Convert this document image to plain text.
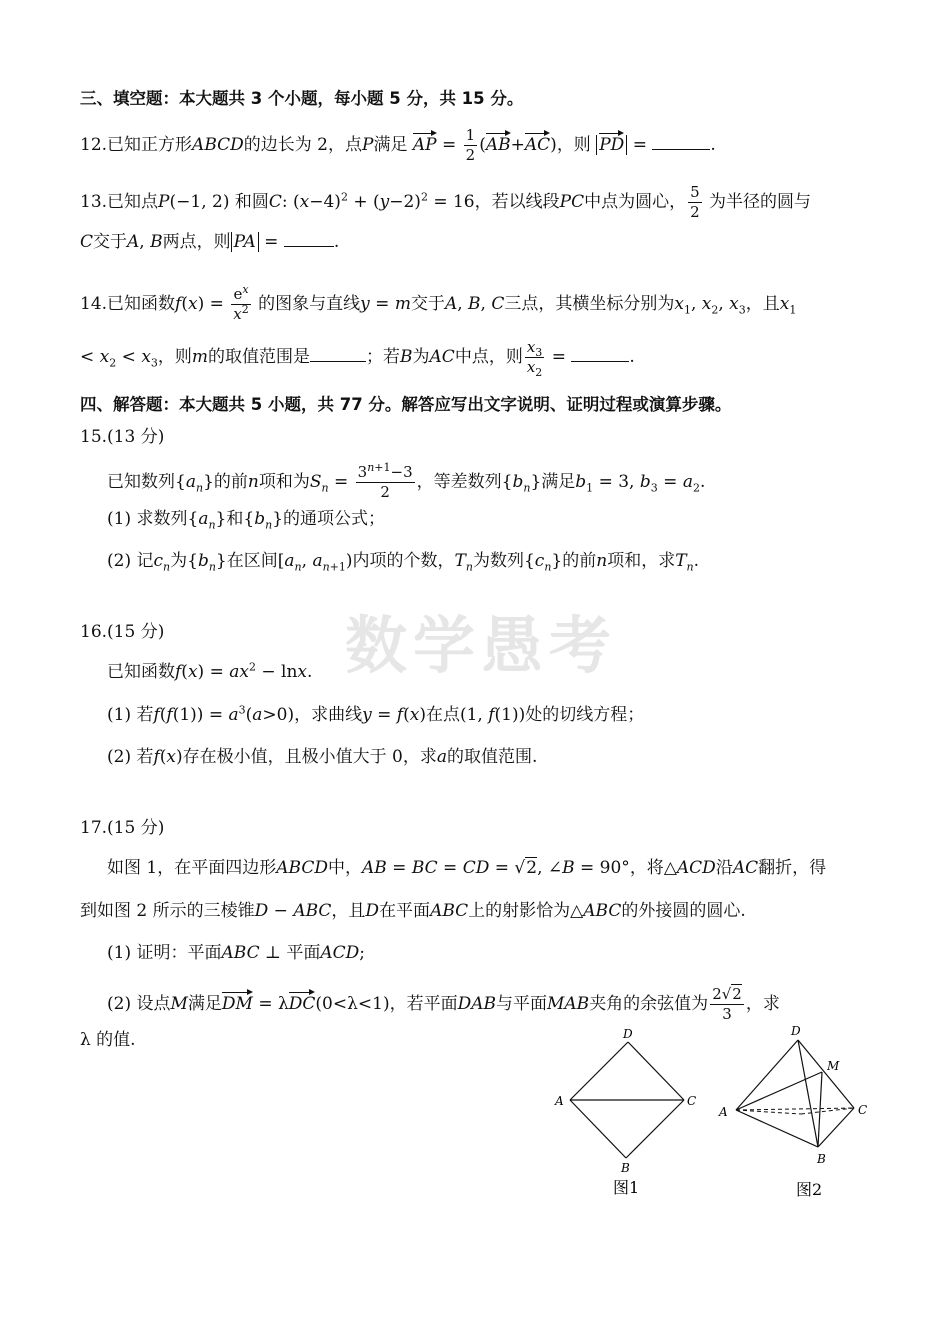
三、填空题：本大题共 3 个小题，每小题 5 分，共 15 分。
12.已知正方形ABCD的边长为 2，点P满足 AP = $\frac{1}{2} (AB+AC)$，则 PD =	.
13.已知点P(−1, 2) 和圆C: $(x-4)^2 + (y-2)^2 = 16$，若以线段PC中点为圆心， $\frac{5}{2}$ 为半径的圆与
C交于A, B两点，则 PA =	.
14.已知函数$f(x) = \frac{e^x}{x^2}$ 的图象与直线y = m交于A, B, C三点，其横坐标分别为$x_1$, $x_2$, $x_3$，且$x_1$
< $x_2 < x_3$，则m的取值范围是	；若B为AC中点，则 $\frac{x_3}{x_2}$ =	.
四、解答题：本大题共 5 小题，共 77 分。解答应写出文字说明、证明过程或演算步骤。
15.(13 分)
已知数列$\{a_n\}$的前n项和为$S_n = \frac{3^{n+1}-3}{2}$ ，等差数列$\{b_n\}$满足$b_1 = 3$, $b_3 = a_2$.
(1) 求数列$\{a_n\}$和$\{b_n\}$的通项公式；
(2) 记$c_n$为$\{b_n\}$在区间[$a_n$, $a_{n+1}$)内项的个数，$T_n$为数列$\{c_n\}$的前n项和，求$T_n$.
数学愚考
16.(15 分)
已知函数$f(x) = ax^2 - \ln x$.
(1) 若$f(f(1)) = a^3(a>0)$，求曲线y = f(x)在点(1, f(1))处的切线方程；
(2) 若f(x)存在极小值，且极小值大于 0，求a的取值范围.
17.(15 分)
如图 1，在平面四边形ABCD中，AB = BC = CD = √2, ∠B = 90°，将△ACD沿AC翻折，得
到如图 2 所示的三棱锥D − ABC，且D在平面ABC上的射影恰为△ABC的外接圆的圆心.
(1) 证明：平面ABC ⊥ 平面ACD;
(2) 设点M满足DM = λDC(0<λ<1)，若平面DAB与平面MAB夹角的余弦值为 $\frac{2√2}{3}$ ，求
λ 的值.	D
A	C
B
图1
D
M
A	C
B
图2
